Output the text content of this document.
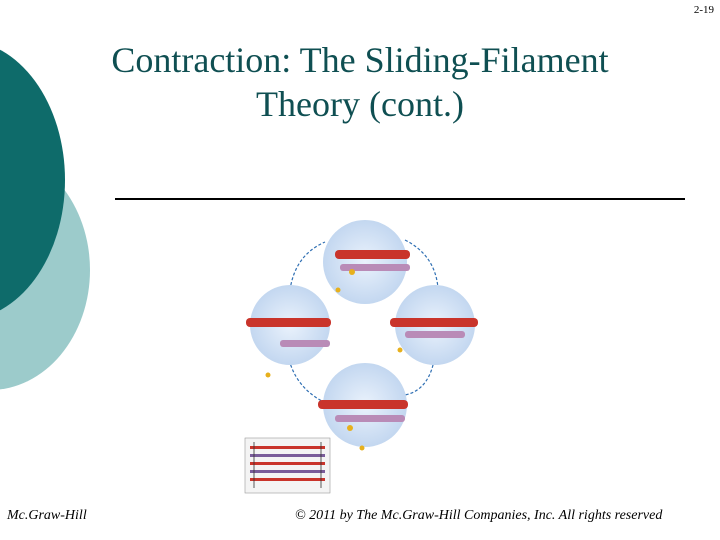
2-19
Contraction: The Sliding-Filament
Theory (cont.)
Mc.Graw-Hill	© 2011 by The Mc.Graw-Hill Companies, Inc. All rights reserved
